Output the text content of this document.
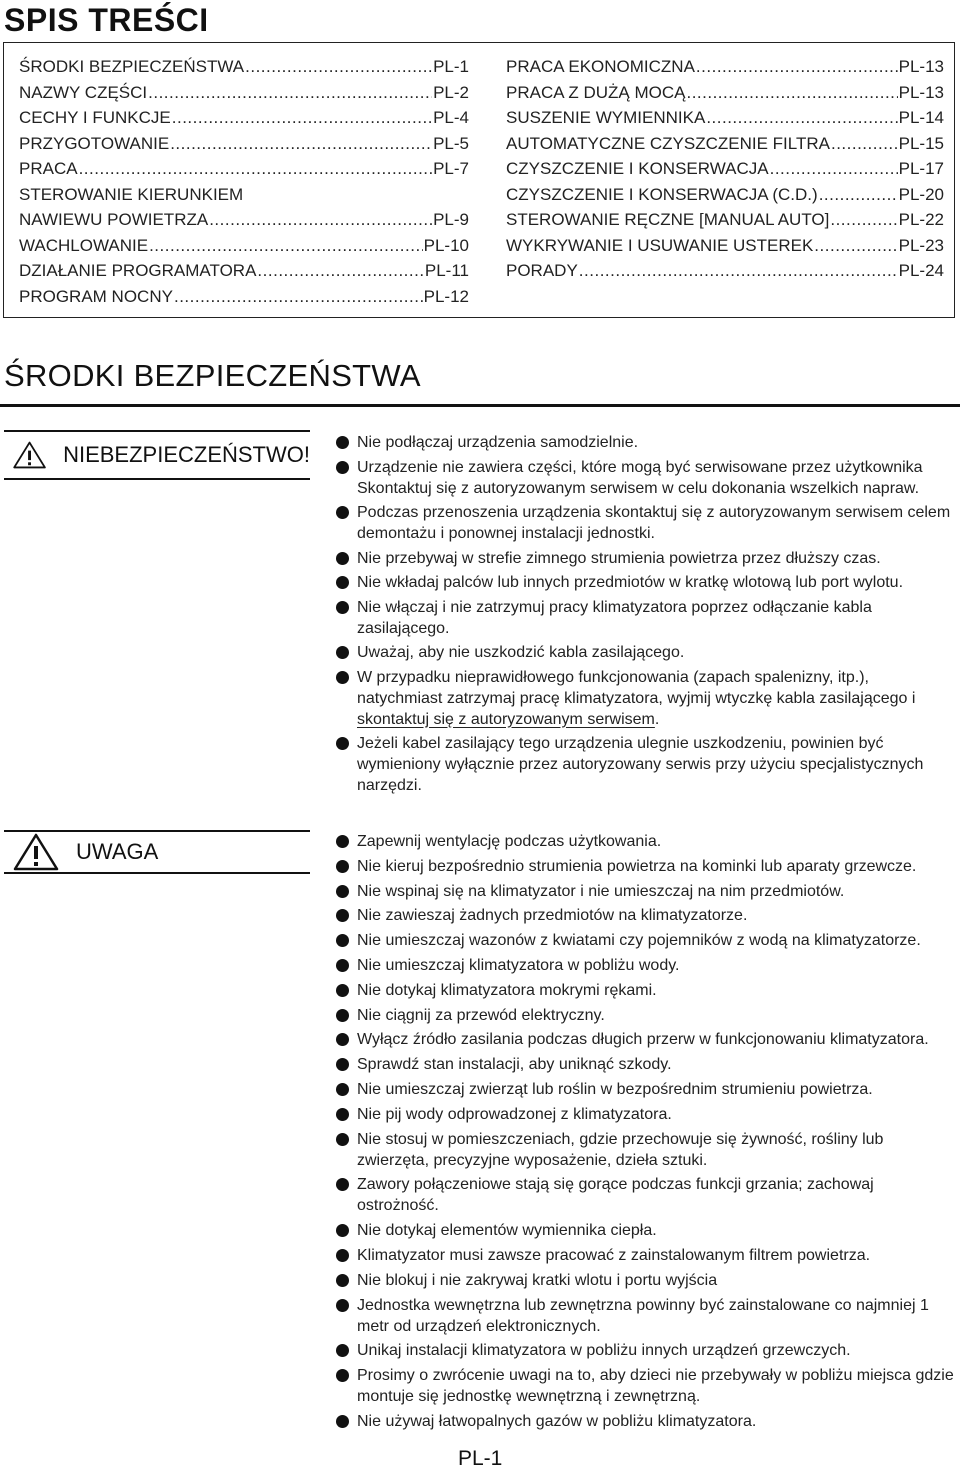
SPIS TREŚCI
ŚRODKI BEZPIECZEŃSTWA .....	PL-1
NAZWY CZĘŚCI .....	PL-2
CECHY I FUNKCJE .....	PL-4
PRZYGOTOWANIE .....	PL-5
PRACA .....	PL-7
STEROWANIE KIERUNKIEM
NAWIEWU POWIETRZA .....	PL-9
WACHLOWANIE .....	PL-10
DZIAŁANIE PROGRAMATORA .....	PL-11
PROGRAM NOCNY .....	PL-12
PRACA EKONOMICZNA .....	PL-13
PRACA Z DUŻĄ MOCĄ .....	PL-13
SUSZENIE WYMIENNIKA .....	PL-14
AUTOMATYCZNE CZYSZCZENIE FILTRA .....	PL-15
CZYSZCZENIE I KONSERWACJA .....	PL-17
CZYSZCZENIE I KONSERWACJA (C.D.) .....	PL-20
STEROWANIE RĘCZNE [MANUAL AUTO] .....	PL-22
WYKRYWANIE I USUWANIE USTEREK .....	PL-23
PORADY .....	PL-24
ŚRODKI BEZPIECZEŃSTWA
NIEBEZPIECZEŃSTWO!	Nie podłączaj urządzenia samodzielnie.
Urządzenie nie zawiera części, które mogą być serwisowane przez użytkownika Skontaktuj się z autoryzowanym serwisem w celu dokonania wszelkich napraw.
Podczas przenoszenia urządzenia skontaktuj się z autoryzowanym serwisem celem demontażu i ponownej instalacji jednostki.
Nie przebywaj w strefie zimnego strumienia powietrza przez dłuższy czas.
Nie wkładaj palców lub innych przedmiotów w kratkę wlotową lub port wylotu.
Nie włączaj i nie zatrzymuj pracy klimatyzatora poprzez odłączanie kabla zasilającego.
Uważaj, aby nie uszkodzić kabla zasilającego.
W przypadku nieprawidłowego funkcjonowania (zapach spalenizny, itp.), natychmiast zatrzymaj pracę klimatyzatora, wyjmij wtyczkę kabla zasilającego i skontaktuj się z autoryzowanym serwisem.
Jeżeli kabel zasilający tego urządzenia ulegnie uszkodzeniu, powinien być wymieniony wyłącznie przez autoryzowany serwis przy użyciu specjalistycznych narzędzi.
UWAGA	Zapewnij wentylację podczas użytkowania.
Nie kieruj bezpośrednio strumienia powietrza na kominki lub aparaty grzewcze.
Nie wspinaj się na klimatyzator i nie umieszczaj na nim przedmiotów.
Nie zawieszaj żadnych przedmiotów na klimatyzatorze.
Nie umieszczaj wazonów z kwiatami czy pojemników z wodą na klimatyzatorze.
Nie umieszczaj klimatyzatora w pobliżu wody.
Nie dotykaj klimatyzatora mokrymi rękami.
Nie ciągnij za przewód elektryczny.
Wyłącz źródło zasilania podczas długich przerw w funkcjonowaniu klimatyzatora.
Sprawdź stan instalacji, aby uniknąć szkody.
Nie umieszczaj zwierząt lub roślin w bezpośrednim strumieniu powietrza.
Nie pij wody odprowadzonej z klimatyzatora.
Nie stosuj w pomieszczeniach, gdzie przechowuje się żywność, rośliny lub zwierzęta, precyzyjne wyposażenie, dzieła sztuki.
Zawory połączeniowe stają się gorące podczas funkcji grzania; zachowaj ostrożność.
Nie dotykaj elementów wymiennika ciepła.
Klimatyzator musi zawsze pracować z zainstalowanym filtrem powietrza.
Nie blokuj i nie zakrywaj kratki wlotu i portu wyjścia
Jednostka wewnętrzna lub zewnętrzna powinny być zainstalowane co najmniej 1 metr od urządzeń elektronicznych.
Unikaj instalacji klimatyzatora w pobliżu innych urządzeń grzewczych.
Prosimy o zwrócenie uwagi na to, aby dzieci nie przebywały w pobliżu miejsca gdzie montuje się jednostkę wewnętrzną i zewnętrzną.
Nie używaj łatwopalnych gazów w pobliżu klimatyzatora.
PL-1
